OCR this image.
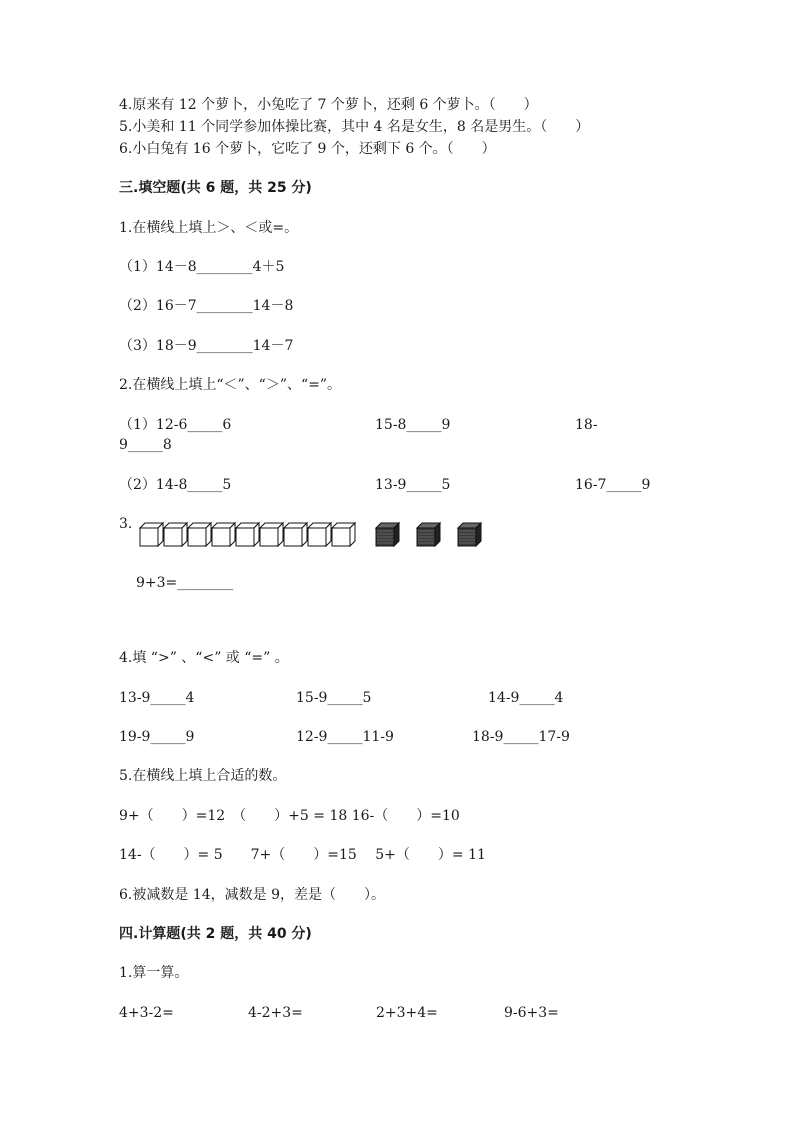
4.原来有 12 个萝卜，小兔吃了 7 个萝卜，还剩 6 个萝卜。（　　）
5.小美和 11 个同学参加体操比赛，其中 4 名是女生，8 名是男生。（　　）
6.小白兔有 16 个萝卜，它吃了 9 个，还剩下 6 个。（　　）
三.填空题(共 6 题，共 25 分)
1.在横线上填上＞、＜或=。
（1）14－8________4＋5
（2）16－7________14－8
（3）18－9________14－7
2.在横线上填上“＜”、“＞”、“=”。
（1）12-6_____6	15-8_____9	18-
9_____8
（2）14-8_____5	13-9_____5	16-7_____9
3.
9+3=________
4.填 “>” 、“<” 或 “=” 。
13-9_____4	15-9_____5	14-9_____4
19-9_____9	12-9_____11-9	18-9_____17-9
5.在横线上填上合适的数。
9+（　　）=12　（　　）+5 = 18 16-（　　）=10
14-（　　）= 5　　7+（　　）=15　 5+（　　）= 11
6.被减数是 14，减数是 9，差是（　　）。
四.计算题(共 2 题，共 40 分)
1.算一算。
4+3-2=	4-2+3=	2+3+4=	9-6+3=
